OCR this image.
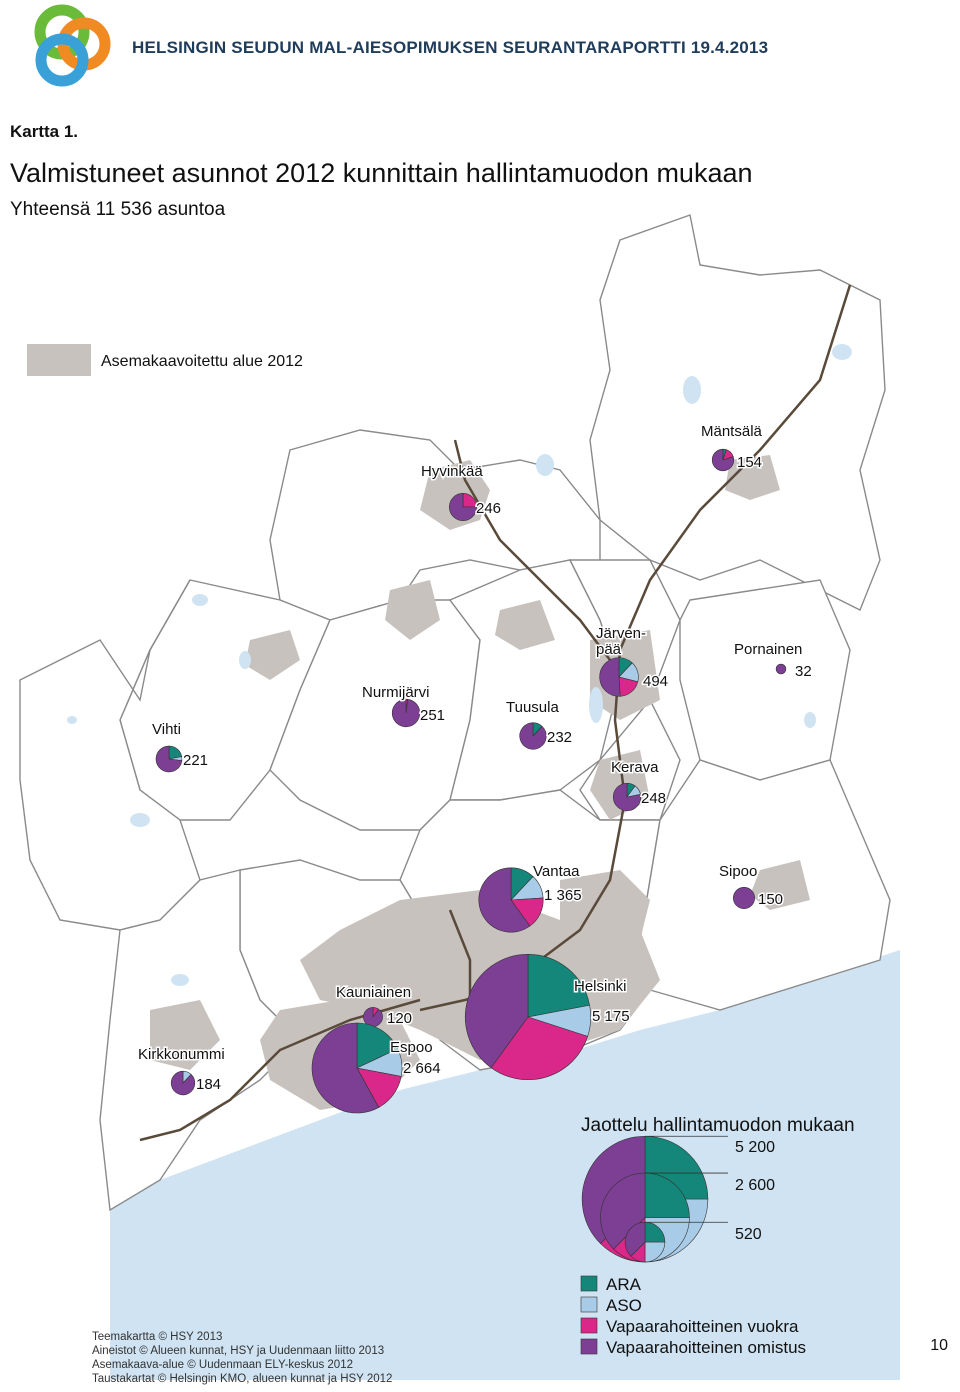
Asemakaavoitettu alue 2012
Mäntsälä
154
Hyvinkää
246
Järven-
pää
494
Pornainen
32
Nurmijärvi
251	Tuusula
232
Vihti
221	Kerava
248
Vantaa
1 365
Sipoo
150
Helsinki
5 175
Kauniainen
120
Espoo
2 664
Kirkkonummi
184
Jaottelu hallintamuodon mukaan
5 200
2 600
520
ARA
ASO
Vapaarahoitteinen vuokra
Vapaarahoitteinen omistus
HELSINGIN SEUDUN MAL-AIESOPIMUKSEN SEURANTARAPORTTI 19.4.2013
Kartta 1.
Valmistuneet asunnot 2012 kunnittain hallintamuodon mukaan
Yhteensä 11 536 asuntoa
Teemakartta © HSY 2013
Aineistot © Alueen kunnat, HSY ja Uudenmaan liitto 2013
Asemakaava-alue © Uudenmaan ELY-keskus 2012
Taustakartat © Helsingin KMO, alueen kunnat ja HSY 2012
10
